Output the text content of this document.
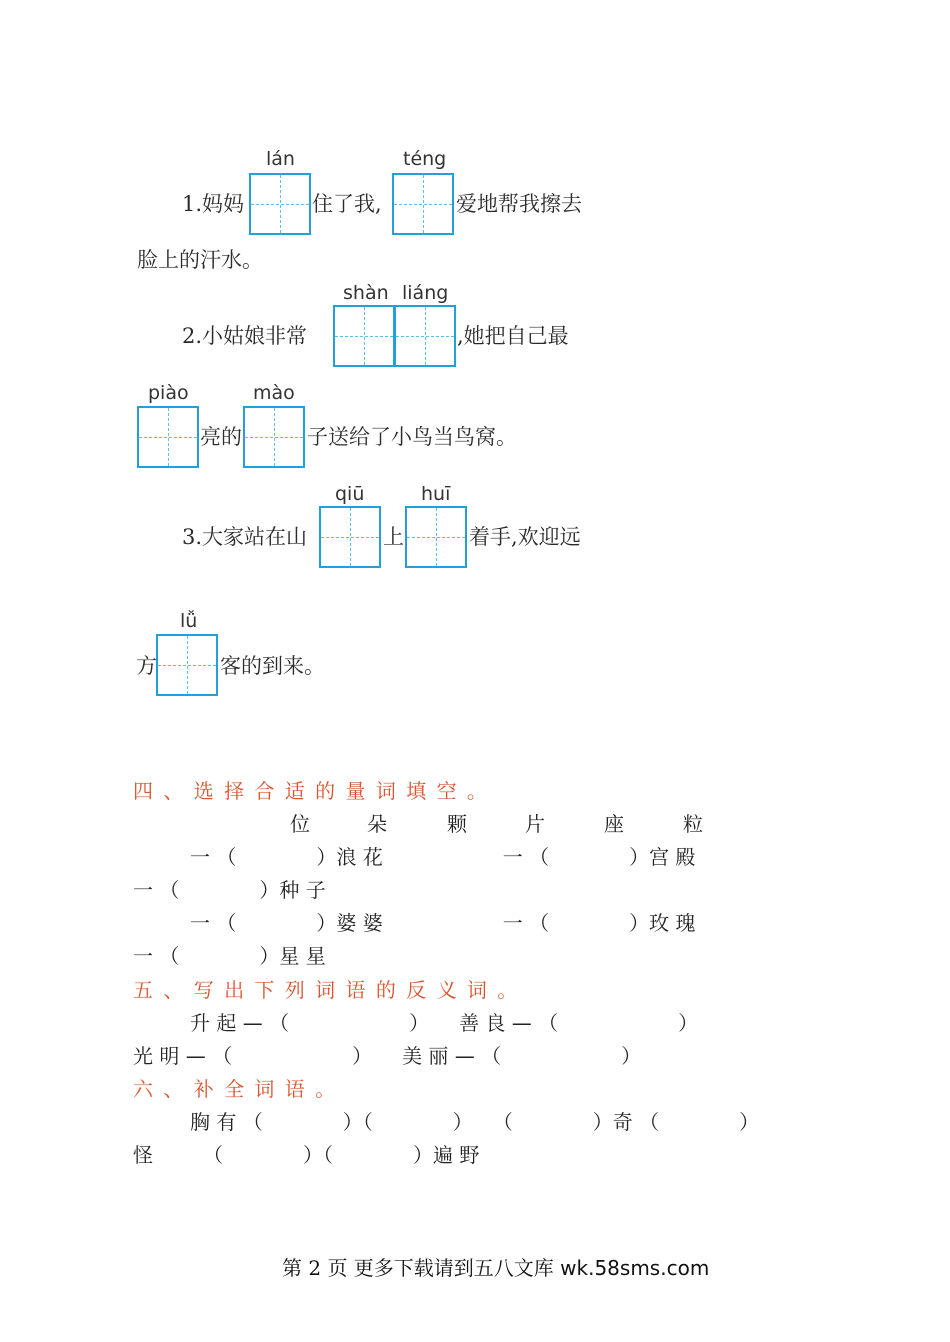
lán	téng
1.妈妈	住了我,	爱地帮我擦去
脸上的汗水。
shàn liáng
2.小姑娘非常	,她把自己最
piào	mào
亮的	子送给了小鸟当鸟窝。
qiū	huī
3.大家站在山	上	着手,欢迎远
lǚ
方	客的到来。
四 、 选 择 合 适 的 量 词 填 空 。
位	朵	颗	片	座	粒
一 （　　　　）浪 花　　　　　　一 （　　　　）宫 殿
一 （　　　　）种 子
一 （　　　　）婆 婆　　　　　　一 （　　　　）玫 瑰
一 （　　　　）星 星
五 、 写 出 下 列 词 语 的 反 义 词 。
升 起 — （　　　　　　）　　善 良 — （　　　　　　）
光 明 — （　　　　　　）　　美 丽 — （　　　　　　）
六 、 补 全 词 语 。
胸 有 （　　　　）（　　　　）　　（　　　　）奇 （　　　　）
怪　　　（　　　　）（　　　　）遍 野
第 2 页 更多下载请到五八文库 wk.58sms.com
